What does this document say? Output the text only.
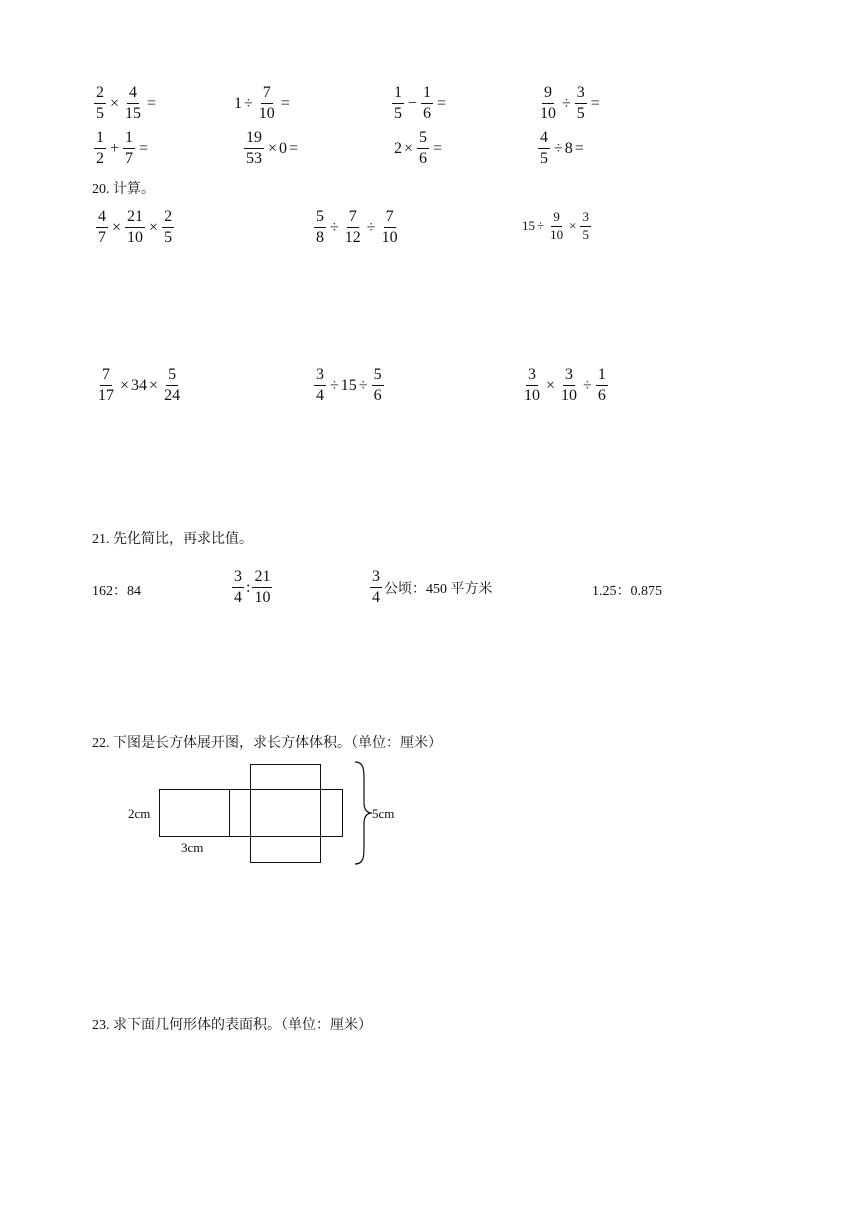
$\frac{2}{5} \times \frac{4}{15}$ =	$1 \div \frac{7}{10}$ =	$\frac{1}{5} - \frac{1}{6}$ =	$\frac{9}{10} \div \frac{3}{5}$ =
$\frac{1}{2} + \frac{1}{7}$ =	$\frac{19}{53} \times 0$ =	$2 \times \frac{5}{6}$ =	$\frac{4}{5} \div 8$ =
20. 计算。
$\frac{4}{7} \times \frac{21}{10} \times \frac{2}{5}$	$\frac{5}{8} \div \frac{7}{12} \div \frac{7}{10}$	$15 \div \frac{9}{10} \times \frac{3}{5}$
$\frac{7}{17} \times 34 \times \frac{5}{24}$	$\frac{3}{4} \div 15 \div \frac{5}{6}$	$\frac{3}{10} \times \frac{3}{10} \div \frac{1}{6}$
21. 先化简比，再求比值。
162：84	$\frac{3}{4}$ : $\frac{21}{10}$	$\frac{3}{4}$ 公顷：450 平方米	1.25：0.875
22. 下图是长方体展开图，求长方体体积。（单位：厘米）
2cm
3cm
5cm
23. 求下面几何形体的表面积。（单位：厘米）
